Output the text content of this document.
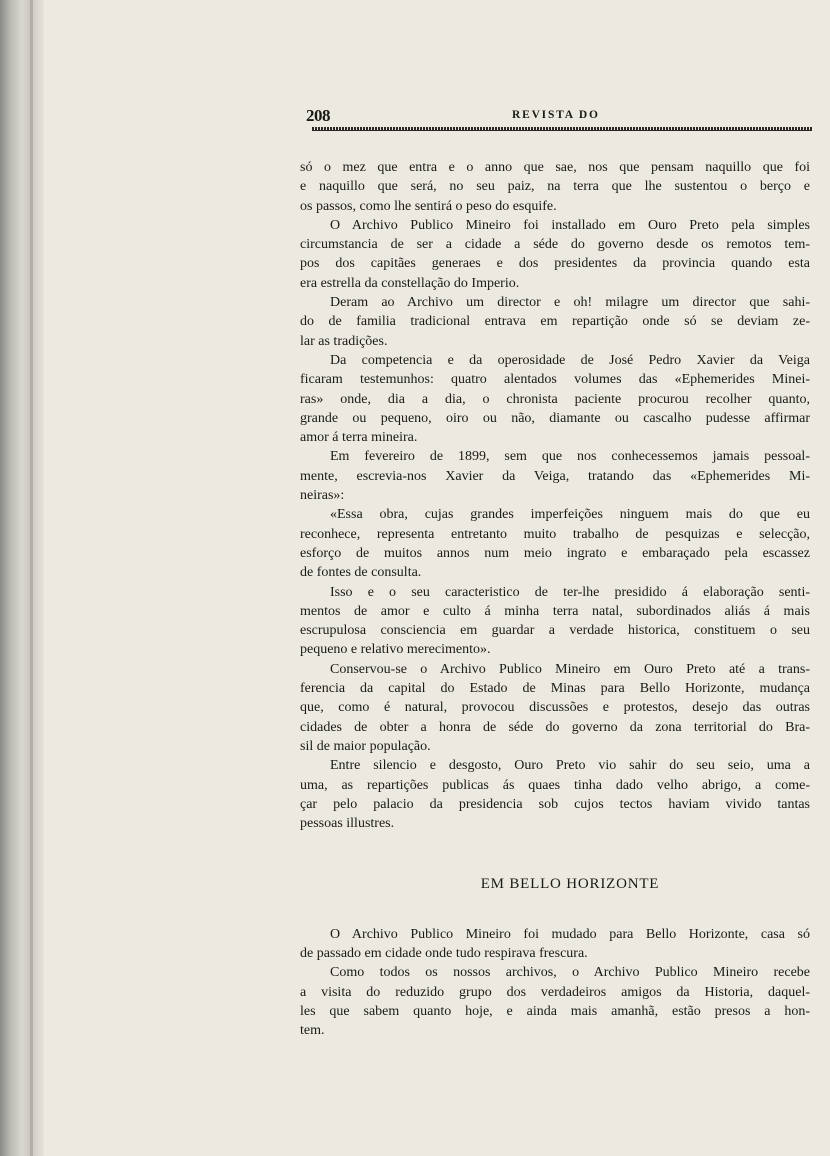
208	REVISTA DO
só o mez que entra e o anno que sae, nos que pensam naquillo que foi
e naquillo que será, no seu paiz, na terra que lhe sustentou o berço e
os passos, como lhe sentirá o peso do esquife.
O Archivo Publico Mineiro foi installado em Ouro Preto pela simples
circumstancia de ser a cidade a séde do governo desde os remotos tem-
pos dos capitães generaes e dos presidentes da provincia quando esta
era estrella da constellação do Imperio.
Deram ao Archivo um director e oh! milagre um director que sahi-
do de familia tradicional entrava em repartição onde só se deviam ze-
lar as tradições.
Da competencia e da operosidade de José Pedro Xavier da Veiga
ficaram testemunhos: quatro alentados volumes das «Ephemerides Minei-
ras» onde, dia a dia, o chronista paciente procurou recolher quanto,
grande ou pequeno, oiro ou não, diamante ou cascalho pudesse affirmar
amor á terra mineira.
Em fevereiro de 1899, sem que nos conhecessemos jamais pessoal-
mente, escrevia-nos Xavier da Veiga, tratando das «Ephemerides Mi-
neiras»:
«Essa obra, cujas grandes imperfeições ninguem mais do que eu
reconhece, representa entretanto muito trabalho de pesquizas e selecção,
esforço de muitos annos num meio ingrato e embaraçado pela escassez
de fontes de consulta.
Isso e o seu caracteristico de ter-lhe presidido á elaboração senti-
mentos de amor e culto á minha terra natal, subordinados aliás á mais
escrupulosa consciencia em guardar a verdade historica, constituem o seu
pequeno e relativo merecimento».
Conservou-se o Archivo Publico Mineiro em Ouro Preto até a trans-
ferencia da capital do Estado de Minas para Bello Horizonte, mudança
que, como é natural, provocou discussões e protestos, desejo das outras
cidades de obter a honra de séde do governo da zona territorial do Bra-
sil de maior população.
Entre silencio e desgosto, Ouro Preto vio sahir do seu seio, uma a
uma, as repartições publicas ás quaes tinha dado velho abrigo, a come-
çar pelo palacio da presidencia sob cujos tectos haviam vivido tantas
pessoas illustres.
EM BELLO HORIZONTE
O Archivo Publico Mineiro foi mudado para Bello Horizonte, casa só
de passado em cidade onde tudo respirava frescura.
Como todos os nossos archivos, o Archivo Publico Mineiro recebe
a visita do reduzido grupo dos verdadeiros amigos da Historia, daquel-
les que sabem quanto hoje, e ainda mais amanhã, estão presos a hon-
tem.
